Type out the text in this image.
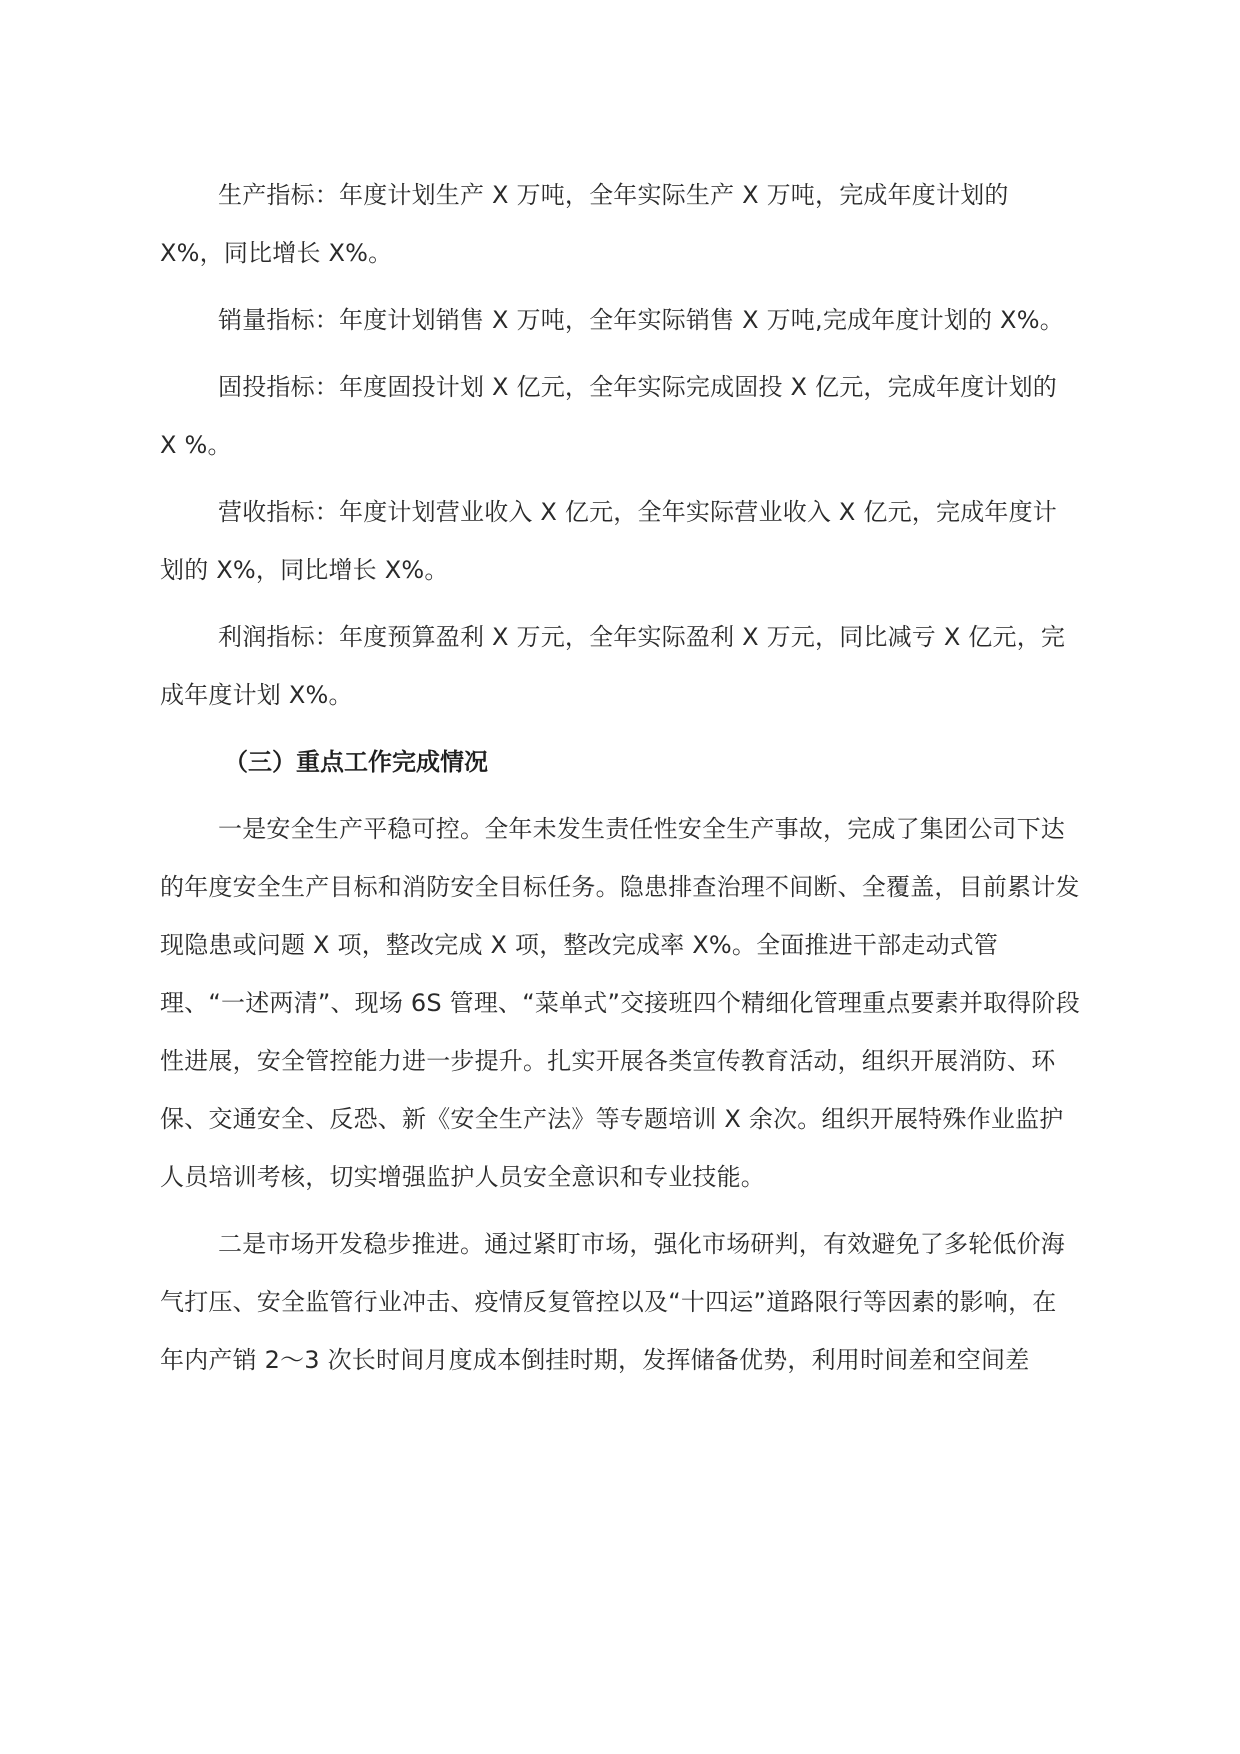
生产指标：年度计划生产 X 万吨，全年实际生产 X 万吨，完成年度计划的 X%，同比增长 X%。

销量指标：年度计划销售 X 万吨，全年实际销售 X 万吨,完成年度计划的 X%。

固投指标：年度固投计划 X 亿元，全年实际完成固投 X 亿元，完成年度计划的 X %。

营收指标：年度计划营业收入 X 亿元，全年实际营业收入 X 亿元，完成年度计划的 X%，同比增长 X%。

利润指标：年度预算盈利 X 万元，全年实际盈利 X 万元，同比减亏 X 亿元，完成年度计划 X%。

（三）重点工作完成情况

一是安全生产平稳可控。全年未发生责任性安全生产事故，完成了集团公司下达的年度安全生产目标和消防安全目标任务。隐患排查治理不间断、全覆盖，目前累计发现隐患或问题 X 项，整改完成 X 项，整改完成率 X%。全面推进干部走动式管理、“一述两清”、现场 6S 管理、“菜单式”交接班四个精细化管理重点要素并取得阶段性进展，安全管控能力进一步提升。扎实开展各类宣传教育活动，组织开展消防、环保、交通安全、反恐、新《安全生产法》等专题培训 X 余次。组织开展特殊作业监护人员培训考核，切实增强监护人员安全意识和专业技能。

二是市场开发稳步推进。通过紧盯市场，强化市场研判，有效避免了多轮低价海气打压、安全监管行业冲击、疫情反复管控以及“十四运”道路限行等因素的影响，在年内产销 2～3 次长时间月度成本倒挂时期，发挥储备优势，利用时间差和空间差
